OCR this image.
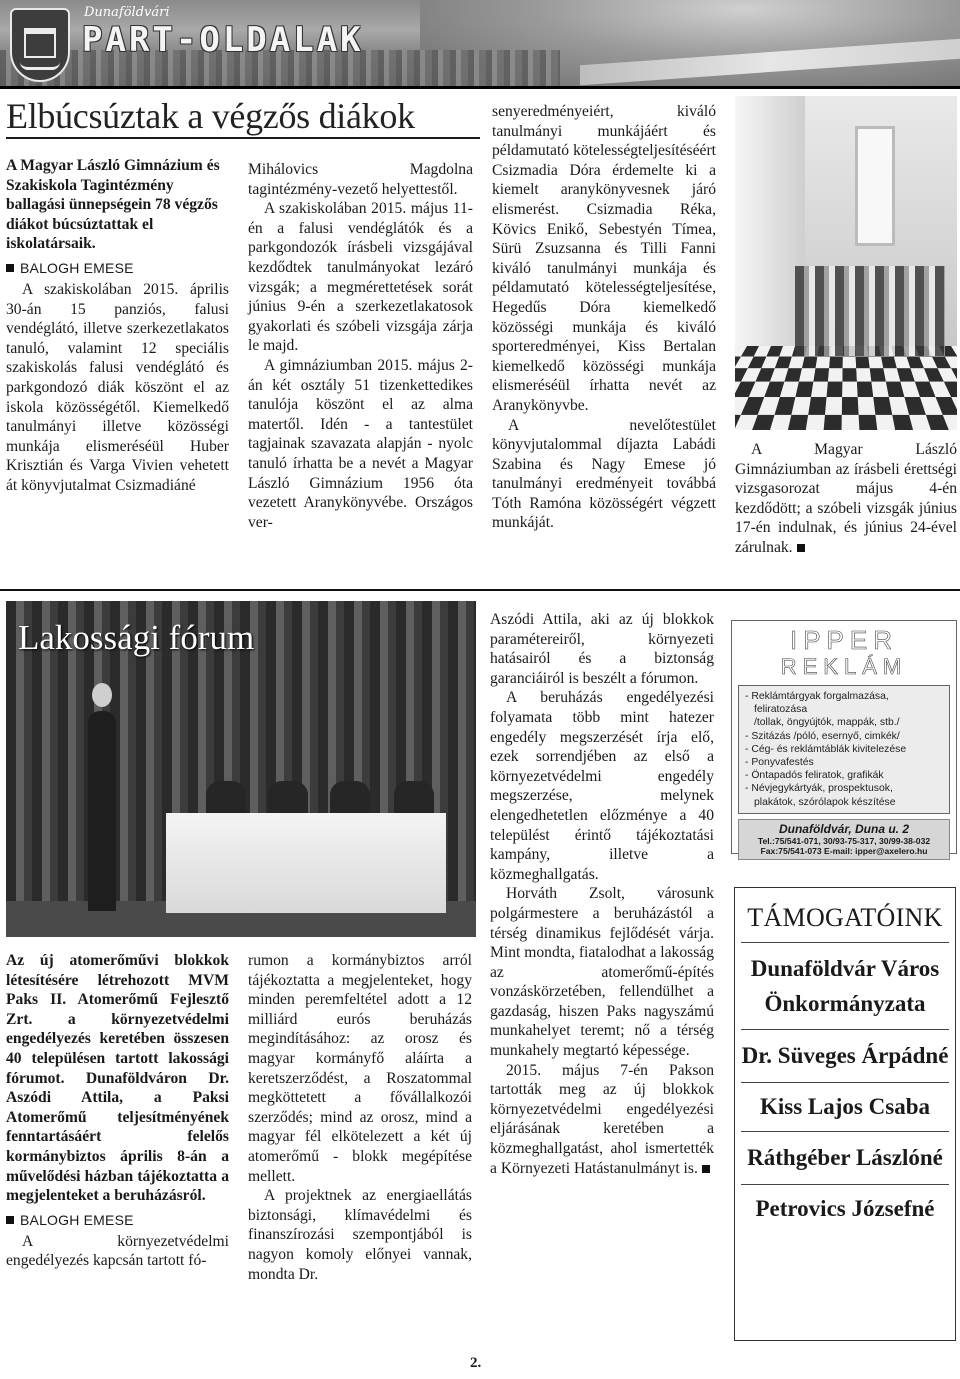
Dunaföldvári
PART-OLDALAK
Elbúcsúztak a végzős diákok

A Magyar László Gimnázium és Szakiskola Tagintézmény ballagási ünnepségein 78 végzős diákot búcsúztattak el iskolatársaik.

BALOGH EMESE

A szakiskolában 2015. április 30-án 15 panziós, falusi vendéglátó, illetve szerkezetlakatos tanuló, valamint 12 speciális szakiskolás falusi vendéglátó és parkgondozó diák köszönt el az iskola közösségétől. Kiemelkedő tanulmányi illetve közösségi munkája elismeréséül Huber Krisztián és Varga Vivien vehetett át könyvjutalmat Csizmadiáné

Mihálovics Magdolna tagintézmény-vezető helyettestől.

A szakiskolában 2015. május 11-én a falusi vendéglátók és a parkgondozók írásbeli vizsgájával kezdődtek tanulmányokat lezáró vizsgák; a megmérettetések sorát június 9-én a szerkezetlakatosok gyakorlati és szóbeli vizsgája zárja le majd.

A gimnáziumban 2015. május 2-án két osztály 51 tizenkettedikes tanulója köszönt el az alma matertől. Idén - a tantestület tagjainak szavazata alapján - nyolc tanuló írhatta be a nevét a Magyar László Gimnázium 1956 óta vezetett Aranykönyvébe. Országos ver-

senyeredményeiért, kiváló tanulmányi munkájáért és példamutató kötelességteljesítéséért Csizmadia Dóra érdemelte ki a kiemelt aranykönyvesnek járó elismerést. Csizmadia Réka, Kövics Enikő, Sebestyén Tímea, Sürü Zsuzsanna és Tilli Fanni kiváló tanulmányi munkája és példamutató kötelességteljesítése, Hegedűs Dóra kiemelkedő közösségi munkája és kiváló sporteredményei, Kiss Bertalan kiemelkedő közösségi munkája elismeréséül írhatta nevét az Aranykönyvbe.

A nevelőtestület könyvjutalommal díjazta Labádi Szabina és Nagy Emese jó tanulmányi eredményeit továbbá Tóth Ramóna közösségért végzett munkáját.

A Magyar László Gimnáziumban az írásbeli érettségi vizsgasorozat május 4-én kezdődött; a szóbeli vizsgák június 17-én indulnak, és június 24-ével zárulnak.

Lakossági fórum

Az új atomerőművi blokkok létesítésére létrehozott MVM Paks II. Atomerőmű Fejlesztő Zrt. a környezetvédelmi engedélyezés keretében összesen 40 településen tartott lakossági fórumot. Dunaföldváron Dr. Aszódi Attila, a Paksi Atomerőmű teljesítményének fenntartásáért felelős kormánybiztos április 8-án a művelődési házban tájékoztatta a megjelenteket a beruházásról.

BALOGH EMESE

A környezetvédelmi engedélyezés kapcsán tartott fó-

rumon a kormánybiztos arról tájékoztatta a megjelenteket, hogy minden peremfeltétel adott a 12 milliárd eurós beruházás megindításához: az orosz és magyar kormányfő aláírta a keretszerződést, a Roszatommal megköttetett a fővállalkozói szerződés; mind az orosz, mind a magyar fél elkötelezett a két új atomerőmű - blokk megépítése mellett.

A projektnek az energiaellátás biztonsági, klímavédelmi és finanszírozási szempontjából is nagyon komoly előnyei vannak, mondta Dr.

Aszódi Attila, aki az új blokkok paramétereiről, környezeti hatásairól és a biztonság garanciáiról is beszélt a fórumon.

A beruházás engedélyezési folyamata több mint hatezer engedély megszerzését írja elő, ezek sorrendjében az első a környezetvédelmi engedély megszerzése, melynek elengedhetetlen előzménye a 40 települést érintő tájékoztatási kampány, illetve a közmeghallgatás.

Horváth Zsolt, városunk polgármestere a beruházástól a térség dinamikus fejlődését várja. Mint mondta, fiatalodhat a lakosság az atomerőmű-építés vonzáskörzetében, fellendülhet a gazdaság, hiszen Paks nagyszámú munkahelyet teremt; nő a térség munkahely megtartó képessége.

2015. május 7-én Pakson tartották meg az új blokkok környezetvédelmi engedélyezési eljárásának keretében a közmeghallgatást, ahol ismertették a Környezeti Hatástanulmányt is.

IPPER
REKLÁM
- Reklámtárgyak forgalmazása,
feliratozása
/tollak, öngyújtók, mappák, stb./
- Szitázás /póló, esernyő, cimkék/
- Cég- és reklámtáblák kivitelezése
- Ponyvafestés
- Öntapadós feliratok, grafikák
- Névjegykártyák, prospektusok,
plakátok, szórólapok készítése
Dunaföldvár, Duna u. 2
Tel.:75/541-071, 30/93-75-317, 30/99-38-032
Fax:75/541-073 E-mail: ipper@axelero.hu
TÁMOGATÓINK
Dunaföldvár Város Önkormányzata
Dr. Süveges Árpádné
Kiss Lajos Csaba
Ráthgéber Lászlóné
Petrovics Józsefné
2.
